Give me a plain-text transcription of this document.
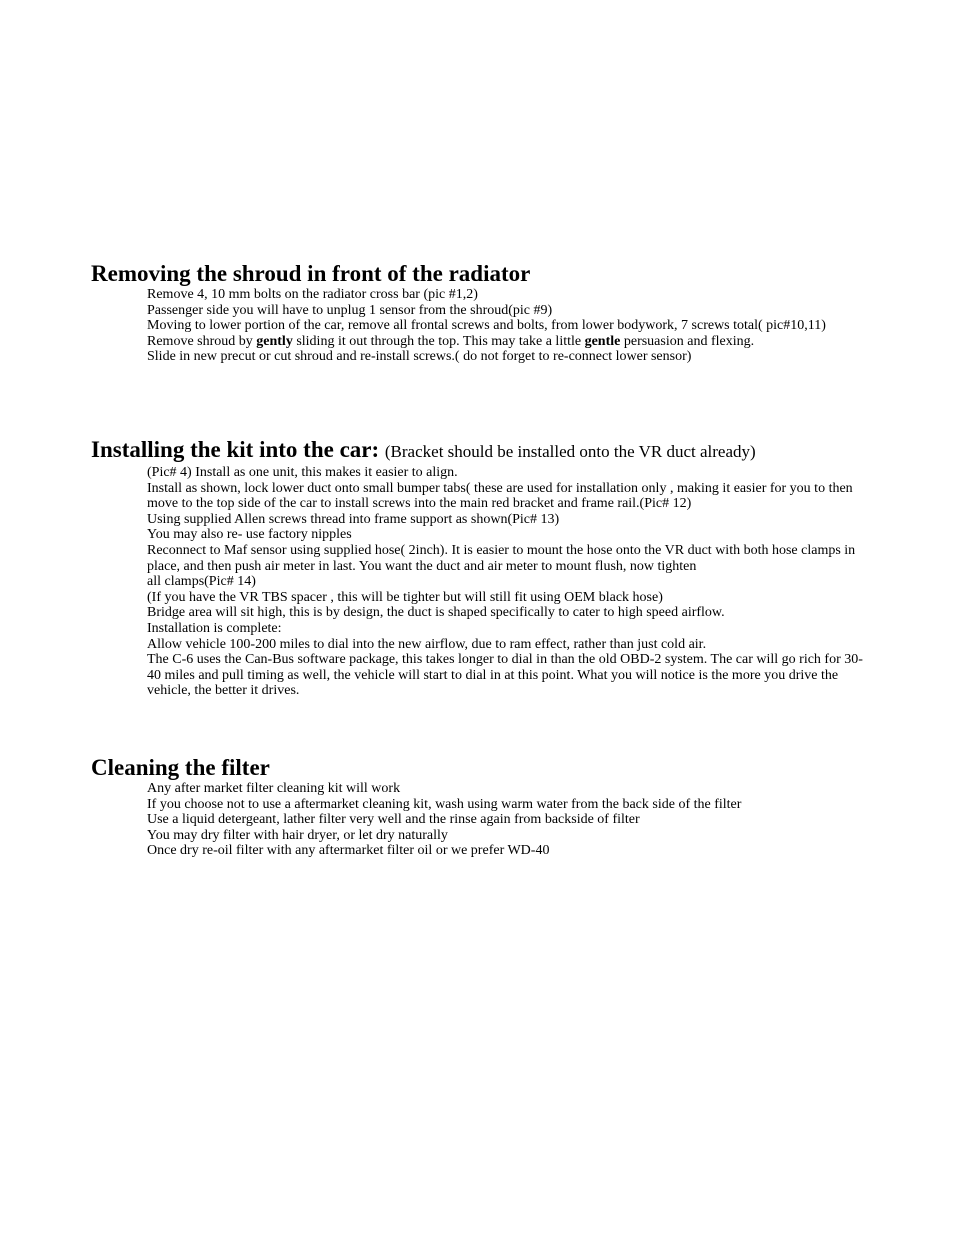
Removing the shroud in front of the radiator
Remove 4, 10 mm bolts on the radiator cross bar (pic #1,2)
Passenger side you will have to unplug 1 sensor from the shroud(pic #9)
Moving to lower portion of the car, remove all frontal screws and bolts, from lower bodywork, 7 screws total( pic#10,11)
Remove shroud by gently sliding it out through the top. This may take a little gentle persuasion and flexing.
Slide in new precut or cut shroud and re-install screws.( do not forget to re-connect lower sensor)
Installing the kit into the car: (Bracket should be installed onto the VR duct already)
(Pic# 4) Install as one unit, this makes it easier to align.
Install as shown, lock lower duct onto small bumper tabs( these are used for installation only , making it easier for you to then move to the top side of the car to install screws into the main red bracket and frame rail.(Pic# 12)
Using supplied Allen screws thread into frame support as shown(Pic# 13)
You may also re- use factory nipples
Reconnect to Maf sensor using supplied hose( 2inch). It is easier to mount the hose onto the VR duct with both hose clamps in place, and then push air meter in last. You want the duct and air meter to mount flush, now tighten
all clamps(Pic# 14)
(If you have the VR TBS spacer , this will be tighter but will still fit using OEM black hose)
Bridge area will sit high, this is by design, the duct is shaped specifically to cater to high speed airflow.
Installation is complete:
Allow vehicle 100-200 miles to dial into the new airflow, due to ram effect, rather than just cold air.
The C-6 uses the Can-Bus software package, this takes longer to dial in than the old OBD-2 system. The car will go rich for 30-40 miles and pull timing as well, the vehicle will start to dial in at this point. What you will notice is the more you drive the vehicle, the better it drives.
Cleaning the filter
Any after market filter cleaning kit will work
If you choose not to use a aftermarket cleaning kit, wash using warm water from the back side of the filter
Use a liquid detergeant, lather filter very well and the rinse again from backside of filter
You may dry filter with hair dryer, or let dry naturally
Once dry re-oil filter with any aftermarket filter oil or we prefer WD-40
